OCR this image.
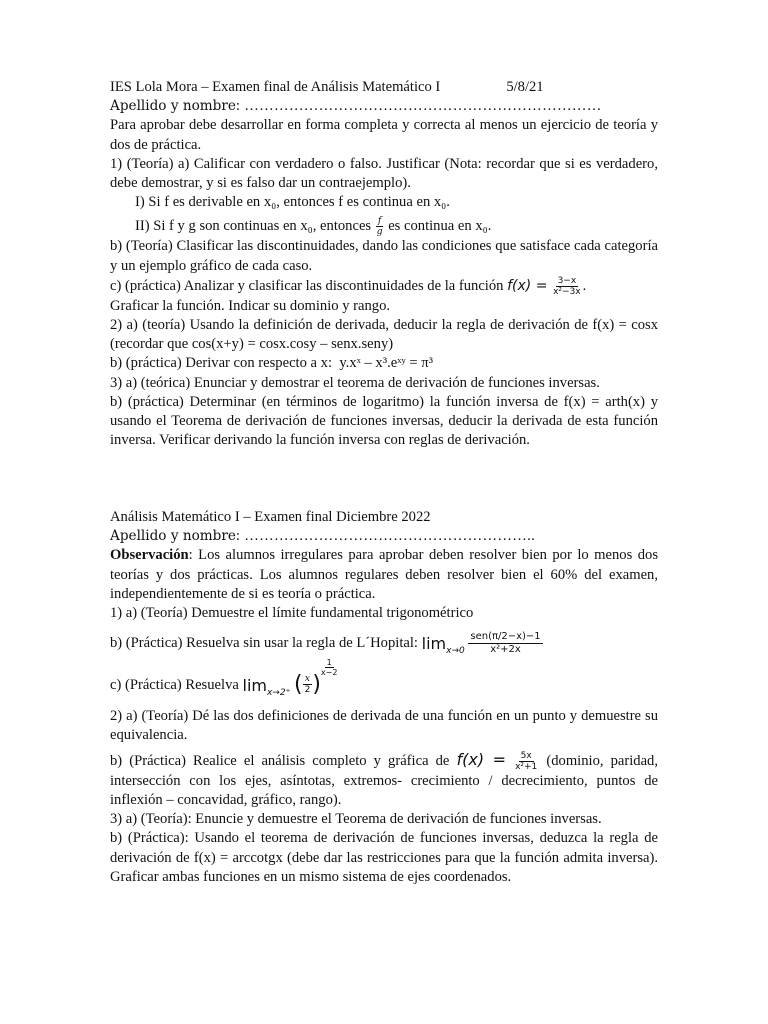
IES Lola Mora – Examen final de Análisis Matemático I	5/8/21
Apellido y nombre: ………………………………………………………………

Para aprobar debe desarrollar en forma completa y correcta al menos un ejercicio de teoría y dos de práctica.

1) (Teoría) a) Calificar con verdadero o falso. Justificar (Nota: recordar que si es verdadero, debe demostrar, y si es falso dar un contraejemplo).

I) Si f es derivable en x₀, entonces f es continua en x₀.
II) Si f y g son continuas en x₀, entonces $\frac{f}{g}$ es continua en x₀.

b) (Teoría) Clasificar las discontinuidades, dando las condiciones que satisface cada categoría y un ejemplo gráfico de cada caso.

c) (práctica) Analizar y clasificar las discontinuidades de la función $f(x) = \frac{3-x}{\text{x²−3x}}$ .

Graficar la función. Indicar su dominio y rango.

2) a) (teoría) Usando la definición de derivada, deducir la regla de derivación de f(x) = cosx (recordar que cos(x+y) = cosx.cosy – senx.seny)

b) (práctica) Derivar con respecto a x: y.xˣ – x³.eˣʸ = π³

3) a) (teórica) Enunciar y demostrar el teorema de derivación de funciones inversas.

b) (práctica) Determinar (en términos de logaritmo) la función inversa de f(x) = arth(x) y usando el Teorema de derivación de funciones inversas, deducir la derivada de esta función inversa. Verificar derivando la función inversa con reglas de derivación.

Análisis Matemático I – Examen final Diciembre 2022
Apellido y nombre: …………………………………………………..

Observación: Los alumnos irregulares para aprobar deben resolver bien por lo menos dos teorías y dos prácticas. Los alumnos regulares deben resolver bien el 60% del examen, independientemente de si es teoría o práctica.

1) a) (Teoría) Demuestre el límite fundamental trigonométrico
b) (Práctica) Resuelva sin usar la regla de L´Hopital:
$\lim_{x\to 0}$
$\frac{\text{sen(π/2−x)−1}}{\text{x²+2x}}$
c) (Práctica) Resuelva
$\lim_{x\to 2^+}$
( $\frac{x}{2}$ )
$\frac{1}{x-2}$

2) a) (Teoría) Dé las dos definiciones de derivada de una función en un punto y demuestre su equivalencia.

b) (Práctica) Realice el análisis completo y gráfica de $f(x) = \frac{5x}{\text{x²+1}}$ (dominio, paridad, intersección con los ejes, asíntotas, extremos- crecimiento / decrecimiento, puntos de inflexión – concavidad, gráfico, rango).

3) a) (Teoría): Enuncie y demuestre el Teorema de derivación de funciones inversas.

b) (Práctica): Usando el teorema de derivación de funciones inversas, deduzca la regla de derivación de f(x) = arccotgx (debe dar las restricciones para que la función admita inversa). Graficar ambas funciones en un mismo sistema de ejes coordenados.
